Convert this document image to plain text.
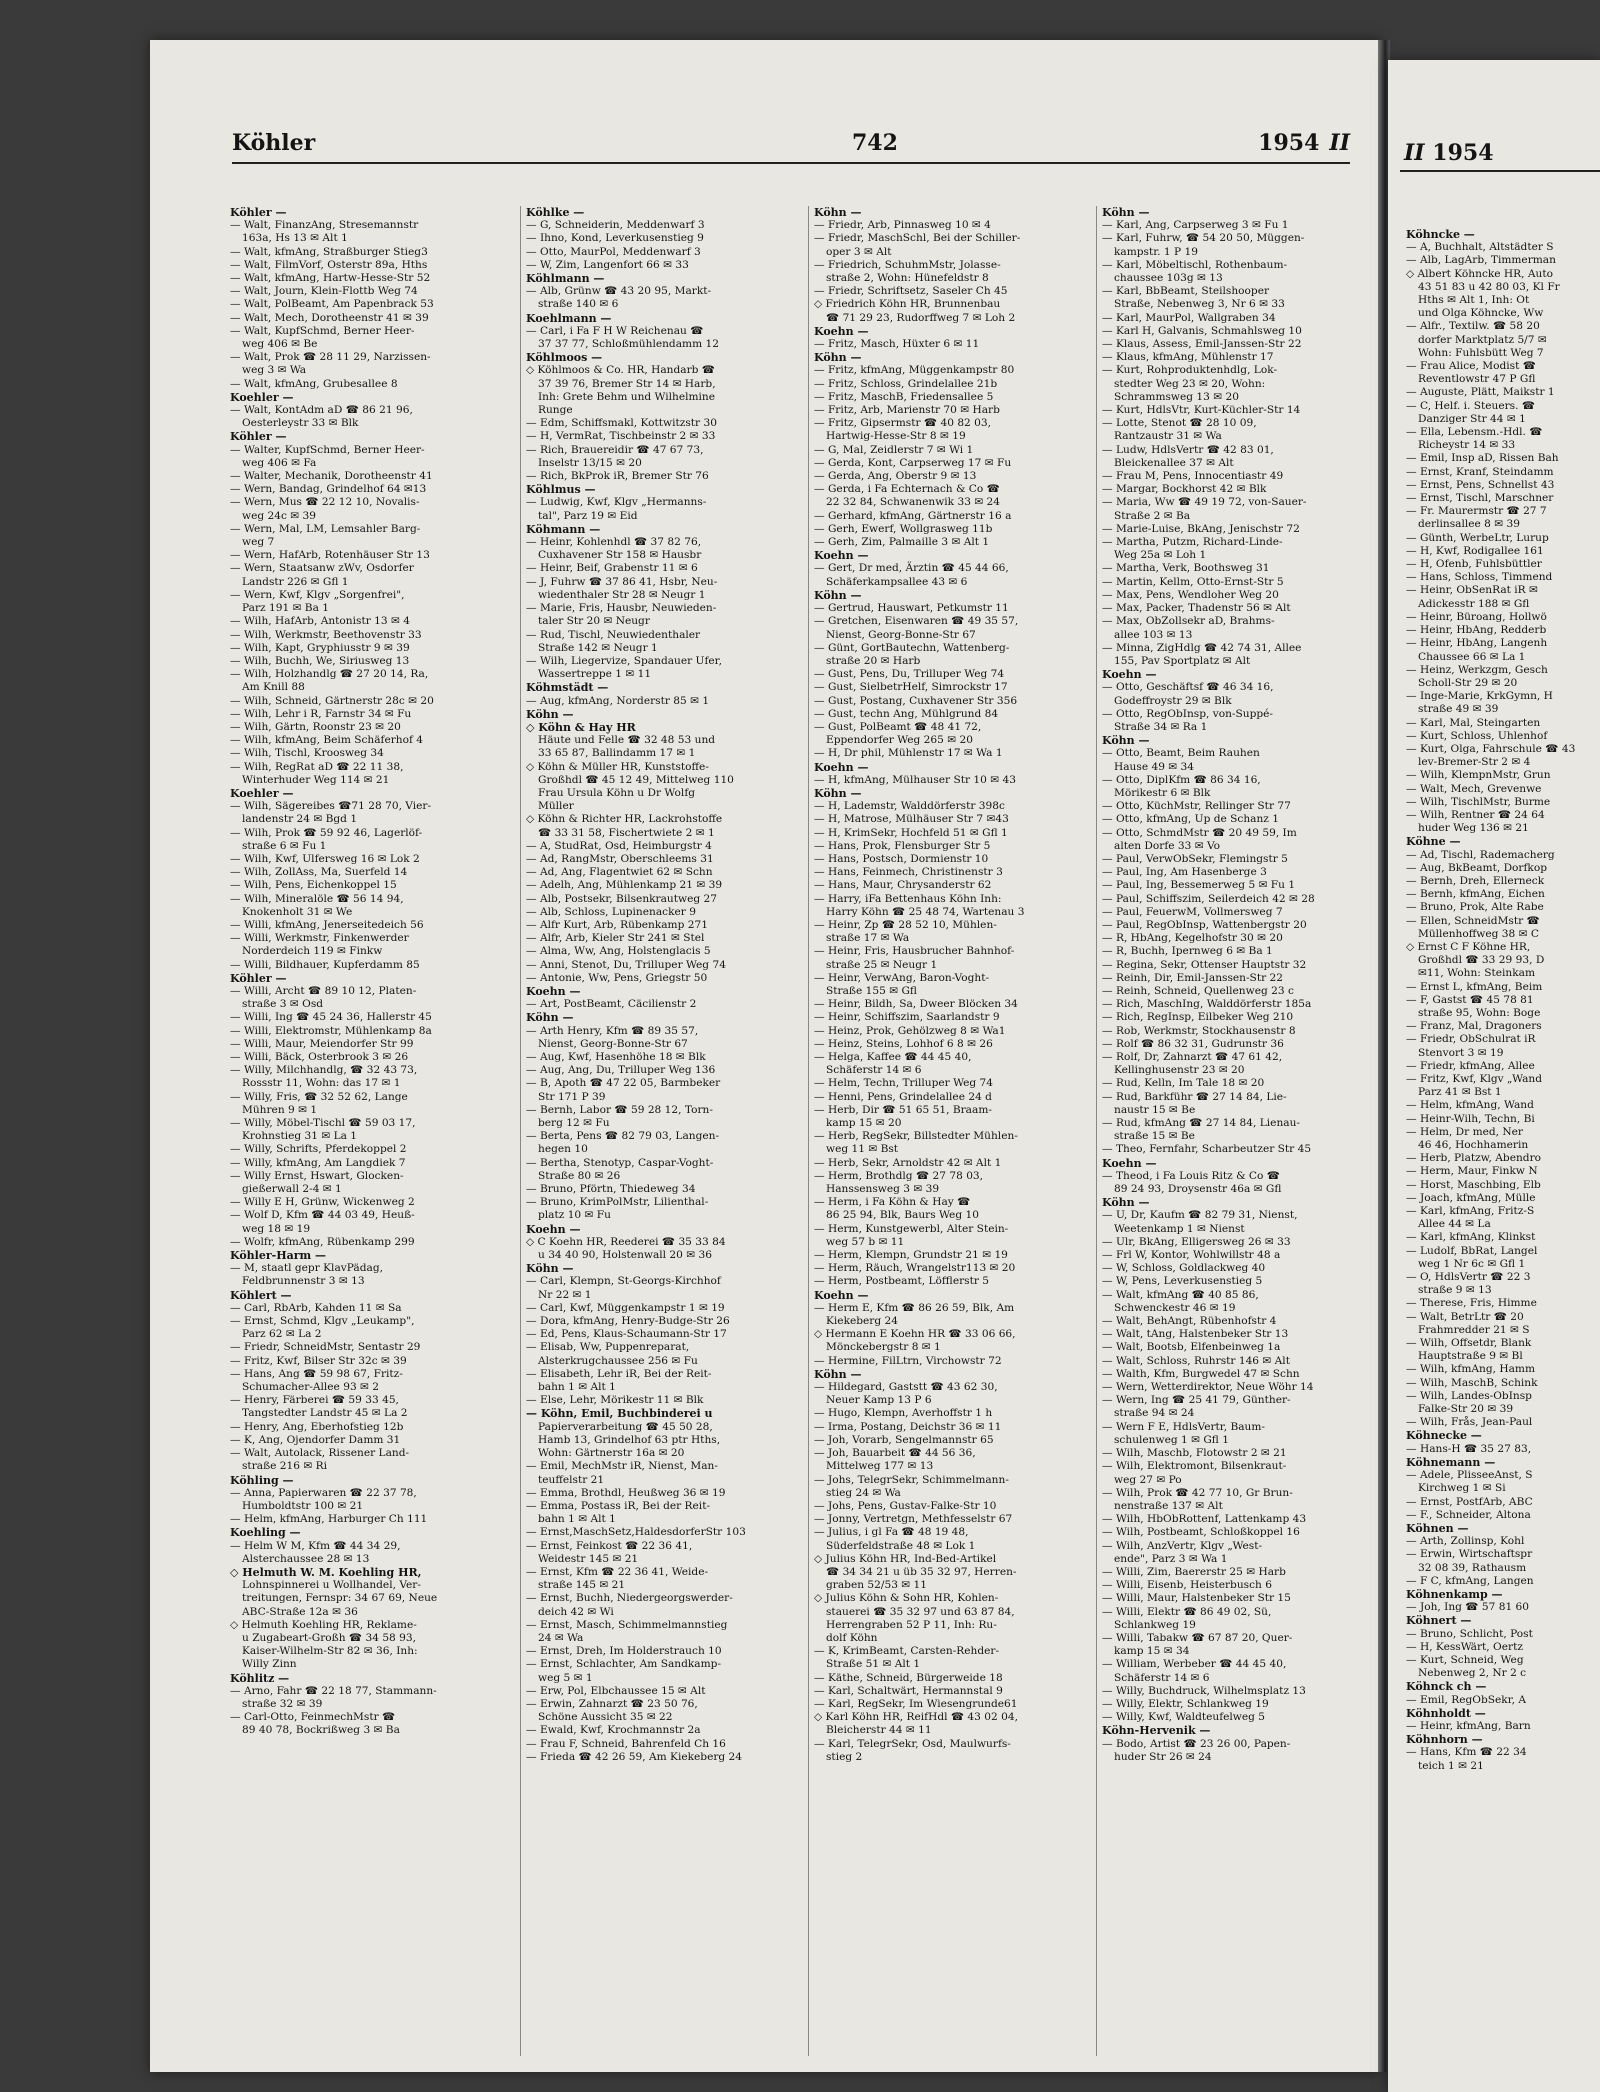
Köhler	742	1954 II
Köhler —
— Walt, FinanzAng, Stresemannstr
163a, Hs 13 ✉ Alt 1
— Walt, kfmAng, Straßburger Stieg3
— Walt, FilmVorf, Osterstr 89a, Hths
— Walt, kfmAng, Hartw-Hesse-Str 52
— Walt, Journ, Klein-Flottb Weg 74
— Walt, PolBeamt, Am Papenbrack 53
— Walt, Mech, Dorotheenstr 41 ✉ 39
— Walt, KupfSchmd, Berner Heer-
weg 406 ✉ Be
— Walt, Prok ☎ 28 11 29, Narzissen-
weg 3 ✉ Wa
— Walt, kfmAng, Grubesallee 8
Koehler —
— Walt, KontAdm aD ☎ 86 21 96,
Oesterleystr 33 ✉ Blk
Köhler —
— Walter, KupfSchmd, Berner Heer-
weg 406 ✉ Fa
— Walter, Mechanik, Dorotheenstr 41
— Wern, Bandag, Grindelhof 64 ✉13
— Wern, Mus ☎ 22 12 10, Novalis-
weg 24c ✉ 39
— Wern, Mal, LM, Lemsahler Barg-
weg 7
— Wern, HafArb, Rotenhäuser Str 13
— Wern, Staatsanw zWv, Osdorfer
Landstr 226 ✉ Gfl 1
— Wern, Kwf, Klgv „Sorgenfrei",
Parz 191 ✉ Ba 1
— Wilh, HafArb, Antonistr 13 ✉ 4
— Wilh, Werkmstr, Beethovenstr 33
— Wilh, Kapt, Gryphiusstr 9 ✉ 39
— Wilh, Buchh, We, Siriusweg 13
— Wilh, Holzhandlg ☎ 27 20 14, Ra,
Am Knill 88
— Wilh, Schneid, Gärtnerstr 28c ✉ 20
— Wilh, Lehr i R, Farnstr 34 ✉ Fu
— Wilh, Gärtn, Roonstr 23 ✉ 20
— Wilh, kfmAng, Beim Schäferhof 4
— Wilh, Tischl, Kroosweg 34
— Wilh, RegRat aD ☎ 22 11 38,
Winterhuder Weg 114 ✉ 21
Koehler —
— Wilh, Sägereibes ☎71 28 70, Vier-
landenstr 24 ✉ Bgd 1
— Wilh, Prok ☎ 59 92 46, Lagerlöf-
straße 6 ✉ Fu 1
— Wilh, Kwf, Ulfersweg 16 ✉ Lok 2
— Wilh, ZollAss, Ma, Suerfeld 14
— Wilh, Pens, Eichenkoppel 15
— Wilh, Mineralöle ☎ 56 14 94,
Knokenholt 31 ✉ We
— Willi, kfmAng, Jenerseitedeich 56
— Willi, Werkmstr, Finkenwerder
Norderdeich 119 ✉ Finkw
— Willi, Bildhauer, Kupferdamm 85
Köhler —
— Willi, Archt ☎ 89 10 12, Platen-
straße 3 ✉ Osd
— Willi, Ing ☎ 45 24 36, Hallerstr 45
— Willi, Elektromstr, Mühlenkamp 8a
— Willi, Maur, Meiendorfer Str 99
— Willi, Bäck, Osterbrook 3 ✉ 26
— Willy, Milchhandlg, ☎ 32 43 73,
Rossstr 11, Wohn: das 17 ✉ 1
— Willy, Fris, ☎ 32 52 62, Lange
Mühren 9 ✉ 1
— Willy, Möbel-Tischl ☎ 59 03 17,
Krohnstieg 31 ✉ La 1
— Willy, Schrifts, Pferdekoppel 2
— Willy, kfmAng, Am Langdiek 7
— Willy Ernst, Hswart, Glocken-
gießerwall 2-4 ✉ 1
— Willy E H, Grünw, Wickenweg 2
— Wolf D, Kfm ☎ 44 03 49, Heuß-
weg 18 ✉ 19
— Wolfr, kfmAng, Rübenkamp 299
Köhler-Harm —
— M, staatl gepr KlavPädag,
Feldbrunnenstr 3 ✉ 13
Köhlert —
— Carl, RbArb, Kahden 11 ✉ Sa
— Ernst, Schmd, Klgv „Leukamp",
Parz 62 ✉ La 2
— Friedr, SchneidMstr, Sentastr 29
— Fritz, Kwf, Bilser Str 32c ✉ 39
— Hans, Ang ☎ 59 98 67, Fritz-
Schumacher-Allee 93 ✉ 2
— Henry, Färberei ☎ 59 33 45,
Tangstedter Landstr 45 ✉ La 2
— Henry, Ang, Eberhofstieg 12b
— K, Ang, Ojendorfer Damm 31
— Walt, Autolack, Rissener Land-
straße 216 ✉ Ri
Köhling —
— Anna, Papierwaren ☎ 22 37 78,
Humboldtstr 100 ✉ 21
— Helm, kfmAng, Harburger Ch 111
Koehling —
— Helm W M, Kfm ☎ 44 34 29,
Alsterchaussee 28 ✉ 13
◇ Helmuth W. M. Koehling HR,
Lohnspinnerei u Wollhandel, Ver-
treitungen, Fernspr: 34 67 69, Neue
ABC-Straße 12a ✉ 36
◇ Helmuth Koehling HR, Reklame-
u Zugabeart-Großh ☎ 34 58 93,
Kaiser-Wilhelm-Str 82 ✉ 36, Inh:
Willy Zinn
Köhlitz —
— Arno, Fahr ☎ 22 18 77, Stammann-
straße 32 ✉ 39
— Carl-Otto, FeinmechMstr ☎
89 40 78, Bockrißweg 3 ✉ Ba
Köhlke —
— G, Schneiderin, Meddenwarf 3
— Ihno, Kond, Leverkusenstieg 9
— Otto, MaurPol, Meddenwarf 3
— W, Zim, Langenfort 66 ✉ 33
Köhlmann —
— Alb, Grünw ☎ 43 20 95, Markt-
straße 140 ✉ 6
Koehlmann —
— Carl, i Fa F H W Reichenau ☎
37 37 77, Schloßmühlendamm 12
Köhlmoos —
◇ Köhlmoos & Co. HR, Handarb ☎
37 39 76, Bremer Str 14 ✉ Harb,
Inh: Grete Behm und Wilhelmine
Runge
— Edm, Schiffsmakl, Kottwitzstr 30
— H, VermRat, Tischbeinstr 2 ✉ 33
— Rich, Brauereidir ☎ 47 67 73,
Inselstr 13/15 ✉ 20
— Rich, BkProk iR, Bremer Str 76
Köhlmus —
— Ludwig, Kwf, Klgv „Hermanns-
tal", Parz 19 ✉ Eid
Köhmann —
— Heinr, Kohlenhdl ☎ 37 82 76,
Cuxhavener Str 158 ✉ Hausbr
— Heinr, Beif, Grabenstr 11 ✉ 6
— J, Fuhrw ☎ 37 86 41, Hsbr, Neu-
wiedenthaler Str 28 ✉ Neugr 1
— Marie, Fris, Hausbr, Neuwieden-
taler Str 20 ✉ Neugr
— Rud, Tischl, Neuwiedenthaler
Straße 142 ✉ Neugr 1
— Wilh, Liegervize, Spandauer Ufer,
Wassertreppe 1 ✉ 11
Köhmstädt —
— Aug, kfmAng, Norderstr 85 ✉ 1
Köhn —
◇ Köhn & Hay HR
Häute und Felle ☎ 32 48 53 und
33 65 87, Ballindamm 17 ✉ 1
◇ Köhn & Müller HR, Kunststoffe-
Großhdl ☎ 45 12 49, Mittelweg 110
Frau Ursula Köhn u Dr Wolfg
Müller
◇ Köhn & Richter HR, Lackrohstoffe
☎ 33 31 58, Fischertwiete 2 ✉ 1
— A, StudRat, Osd, Heimburgstr 4
— Ad, RangMstr, Oberschleems 31
— Ad, Ang, Flagentwiet 62 ✉ Schn
— Adelh, Ang, Mühlenkamp 21 ✉ 39
— Alb, Postsekr, Bilsenkrautweg 27
— Alb, Schloss, Lupinenacker 9
— Alfr Kurt, Arb, Rübenkamp 271
— Alfr, Arb, Kieler Str 241 ✉ Stel
— Alma, Ww, Ang, Holstenglacis 5
— Anni, Stenot, Du, Trilluper Weg 74
— Antonie, Ww, Pens, Griegstr 50
Koehn —
— Art, PostBeamt, Cäcilienstr 2
Köhn —
— Arth Henry, Kfm ☎ 89 35 57,
Nienst, Georg-Bonne-Str 67
— Aug, Kwf, Hasenhöhe 18 ✉ Blk
— Aug, Ang, Du, Trilluper Weg 136
— B, Apoth ☎ 47 22 05, Barmbeker
Str 171 P 39
— Bernh, Labor ☎ 59 28 12, Torn-
berg 12 ✉ Fu
— Berta, Pens ☎ 82 79 03, Langen-
hegen 10
— Bertha, Stenotyp, Caspar-Voght-
Straße 80 ✉ 26
— Bruno, Pförtn, Thiedeweg 34
— Bruno, KrimPolMstr, Lilienthal-
platz 10 ✉ Fu
Koehn —
◇ C Koehn HR, Reederei ☎ 35 33 84
u 34 40 90, Holstenwall 20 ✉ 36
Köhn —
— Carl, Klempn, St-Georgs-Kirchhof
Nr 22 ✉ 1
— Carl, Kwf, Müggenkampstr 1 ✉ 19
— Dora, kfmAng, Henry-Budge-Str 26
— Ed, Pens, Klaus-Schaumann-Str 17
— Elisab, Ww, Puppenreparat,
Alsterkrugchaussee 256 ✉ Fu
— Elisabeth, Lehr iR, Bei der Reit-
bahn 1 ✉ Alt 1
— Else, Lehr, Mörikestr 11 ✉ Blk
— Köhn, Emil, Buchbinderei u
Papierverarbeitung ☎ 45 50 28,
Hamb 13, Grindelhof 63 ptr Hths,
Wohn: Gärtnerstr 16a ✉ 20
— Emil, MechMstr iR, Nienst, Man-
teuffelstr 21
— Emma, Brothdl, Heußweg 36 ✉ 19
— Emma, Postass iR, Bei der Reit-
bahn 1 ✉ Alt 1
— Ernst,MaschSetz,HaldesdorferStr 103
— Ernst, Feinkost ☎ 22 36 41,
Weidestr 145 ✉ 21
— Ernst, Kfm ☎ 22 36 41, Weide-
straße 145 ✉ 21
— Ernst, Buchh, Niedergeorgswerder-
deich 42 ✉ Wi
— Ernst, Masch, Schimmelmannstieg
24 ✉ Wa
— Ernst, Dreh, Im Holderstrauch 10
— Ernst, Schlachter, Am Sandkamp-
weg 5 ✉ 1
— Erw, Pol, Elbchaussee 15 ✉ Alt
— Erwin, Zahnarzt ☎ 23 50 76,
Schöne Aussicht 35 ✉ 22
— Ewald, Kwf, Krochmannstr 2a
— Frau F, Schneid, Bahrenfeld Ch 16
— Frieda ☎ 42 26 59, Am Kiekeberg 24
Köhn —
— Friedr, Arb, Pinnasweg 10 ✉ 4
— Friedr, MaschSchl, Bei der Schiller-
oper 3 ✉ Alt
— Friedrich, SchuhmMstr, Jolasse-
straße 2, Wohn: Hünefeldstr 8
— Friedr, Schriftsetz, Saseler Ch 45
◇ Friedrich Köhn HR, Brunnenbau
☎ 71 29 23, Rudorffweg 7 ✉ Loh 2
Koehn —
— Fritz, Masch, Hüxter 6 ✉ 11
Köhn —
— Fritz, kfmAng, Müggenkampstr 80
— Fritz, Schloss, Grindelallee 21b
— Fritz, MaschB, Friedensallee 5
— Fritz, Arb, Marienstr 70 ✉ Harb
— Fritz, Gipsermstr ☎ 40 82 03,
Hartwig-Hesse-Str 8 ✉ 19
— G, Mal, Zeidlerstr 7 ✉ Wi 1
— Gerda, Kont, Carpserweg 17 ✉ Fu
— Gerda, Ang, Oberstr 9 ✉ 13
— Gerda, i Fa Echternach & Co ☎
22 32 84, Schwanenwik 33 ✉ 24
— Gerhard, kfmAng, Gärtnerstr 16 a
— Gerh, Ewerf, Wollgrasweg 11b
— Gerh, Zim, Palmaille 3 ✉ Alt 1
Koehn —
— Gert, Dr med, Ärztin ☎ 45 44 66,
Schäferkampsallee 43 ✉ 6
Köhn —
— Gertrud, Hauswart, Petkumstr 11
— Gretchen, Eisenwaren ☎ 49 35 57,
Nienst, Georg-Bonne-Str 67
— Günt, GortBautechn, Wattenberg-
straße 20 ✉ Harb
— Gust, Pens, Du, Trilluper Weg 74
— Gust, SielbetrHelf, Simrockstr 17
— Gust, Postang, Cuxhavener Str 356
— Gust, techn Ang, Mühlgrund 84
— Gust, PolBeamt ☎ 48 41 72,
Eppendorfer Weg 265 ✉ 20
— H, Dr phil, Mühlenstr 17 ✉ Wa 1
Koehn —
— H, kfmAng, Mülhauser Str 10 ✉ 43
Köhn —
— H, Lademstr, Walddörferstr 398c
— H, Matrose, Mülhäuser Str 7 ✉43
— H, KrimSekr, Hochfeld 51 ✉ Gfl 1
— Hans, Prok, Flensburger Str 5
— Hans, Postsch, Dormienstr 10
— Hans, Feinmech, Christinenstr 3
— Hans, Maur, Chrysanderstr 62
— Harry, iFa Bettenhaus Köhn Inh:
Harry Köhn ☎ 25 48 74, Wartenau 3
— Heinr, Zp ☎ 28 52 10, Mühlen-
straße 17 ✉ Wa
— Heinr, Fris, Hausbrucher Bahnhof-
straße 25 ✉ Neugr 1
— Heinr, VerwAng, Baron-Voght-
Straße 155 ✉ Gfl
— Heinr, Bildh, Sa, Dweer Blöcken 34
— Heinr, Schiffszim, Saarlandstr 9
— Heinz, Prok, Gehölzweg 8 ✉ Wa1
— Heinz, Steins, Lohhof 6 8 ✉ 26
— Helga, Kaffee ☎ 44 45 40,
Schäferstr 14 ✉ 6
— Helm, Techn, Trilluper Weg 74
— Henni, Pens, Grindelallee 24 d
— Herb, Dir ☎ 51 65 51, Braam-
kamp 15 ✉ 20
— Herb, RegSekr, Billstedter Mühlen-
weg 11 ✉ Bst
— Herb, Sekr, Arnoldstr 42 ✉ Alt 1
— Herm, Brothdlg ☎ 27 78 03,
Hanssensweg 3 ✉ 39
— Herm, i Fa Köhn & Hay ☎
86 25 94, Blk, Baurs Weg 10
— Herm, Kunstgewerbl, Alter Stein-
weg 57 b ✉ 11
— Herm, Klempn, Grundstr 21 ✉ 19
— Herm, Räuch, Wrangelstr113 ✉ 20
— Herm, Postbeamt, Löfflerstr 5
Koehn —
— Herm E, Kfm ☎ 86 26 59, Blk, Am
Kiekeberg 24
◇ Hermann E Koehn HR ☎ 33 06 66,
Mönckebergstr 8 ✉ 1
— Hermine, FilLtrn, Virchowstr 72
Köhn —
— Hildegard, Gaststt ☎ 43 62 30,
Neuer Kamp 13 P 6
— Hugo, Klempn, Averhoffstr 1 h
— Irma, Postang, Deichstr 36 ✉ 11
— Joh, Vorarb, Sengelmannstr 65
— Joh, Bauarbeit ☎ 44 56 36,
Mittelweg 177 ✉ 13
— Johs, TelegrSekr, Schimmelmann-
stieg 24 ✉ Wa
— Johs, Pens, Gustav-Falke-Str 10
— Jonny, Vertretgn, Methfesselstr 67
— Julius, i gl Fa ☎ 48 19 48,
Süderfeldstraße 48 ✉ Lok 1
◇ Julius Köhn HR, Ind-Bed-Artikel
☎ 34 34 21 u üb 35 32 97, Herren-
graben 52/53 ✉ 11
◇ Julius Köhn & Sohn HR, Kohlen-
stauerei ☎ 35 32 97 und 63 87 84,
Herrengraben 52 P 11, Inh: Ru-
dolf Köhn
— K, KrimBeamt, Carsten-Rehder-
Straße 51 ✉ Alt 1
— Käthe, Schneid, Bürgerweide 18
— Karl, Schaltwärt, Hermannstal 9
— Karl, RegSekr, Im Wiesengrunde61
◇ Karl Köhn HR, ReifHdl ☎ 43 02 04,
Bleicherstr 44 ✉ 11
— Karl, TelegrSekr, Osd, Maulwurfs-
stieg 2
Köhn —
— Karl, Ang, Carpserweg 3 ✉ Fu 1
— Karl, Fuhrw, ☎ 54 20 50, Müggen-
kampstr. 1 P 19
— Karl, Möbeltischl, Rothenbaum-
chaussee 103g ✉ 13
— Karl, BbBeamt, Steilshooper
Straße, Nebenweg 3, Nr 6 ✉ 33
— Karl, MaurPol, Wallgraben 34
— Karl H, Galvanis, Schmahlsweg 10
— Klaus, Assess, Emil-Janssen-Str 22
— Klaus, kfmAng, Mühlenstr 17
— Kurt, Rohproduktenhdlg, Lok-
stedter Weg 23 ✉ 20, Wohn:
Schrammsweg 13 ✉ 20
— Kurt, HdlsVtr, Kurt-Küchler-Str 14
— Lotte, Stenot ☎ 28 10 09,
Rantzaustr 31 ✉ Wa
— Ludw, HdlsVertr ☎ 42 83 01,
Bleickenallee 37 ✉ Alt
— Frau M, Pens, Innocentiastr 49
— Margar, Bockhorst 42 ✉ Blk
— Maria, Ww ☎ 49 19 72, von-Sauer-
Straße 2 ✉ Ba
— Marie-Luise, BkAng, Jenischstr 72
— Martha, Putzm, Richard-Linde-
Weg 25a ✉ Loh 1
— Martha, Verk, Boothsweg 31
— Martin, Kellm, Otto-Ernst-Str 5
— Max, Pens, Wendloher Weg 20
— Max, Packer, Thadenstr 56 ✉ Alt
— Max, ObZollsekr aD, Brahms-
allee 103 ✉ 13
— Minna, ZigHdlg ☎ 42 74 31, Allee
155, Pav Sportplatz ✉ Alt
Koehn —
— Otto, Geschäftsf ☎ 46 34 16,
Godeffroystr 29 ✉ Blk
— Otto, RegObInsp, von-Suppé-
Straße 34 ✉ Ra 1
Köhn —
— Otto, Beamt, Beim Rauhen
Hause 49 ✉ 34
— Otto, DiplKfm ☎ 86 34 16,
Mörikestr 6 ✉ Blk
— Otto, KüchMstr, Rellinger Str 77
— Otto, kfmAng, Up de Schanz 1
— Otto, SchmdMstr ☎ 20 49 59, Im
alten Dorfe 33 ✉ Vo
— Paul, VerwObSekr, Flemingstr 5
— Paul, Ing, Am Hasenberge 3
— Paul, Ing, Bessemerweg 5 ✉ Fu 1
— Paul, Schiffszim, Seilerdeich 42 ✉ 28
— Paul, FeuerwM, Vollmersweg 7
— Paul, RegObInsp, Wattenbergstr 20
— R, HbAng, Kegelhofstr 30 ✉ 20
— R, Buchh, Ipernweg 6 ✉ Ba 1
— Regina, Sekr, Ottenser Hauptstr 32
— Reinh, Dir, Emil-Janssen-Str 22
— Reinh, Schneid, Quellenweg 23 c
— Rich, MaschIng, Walddörferstr 185a
— Rich, RegInsp, Eilbeker Weg 210
— Rob, Werkmstr, Stockhausenstr 8
— Rolf ☎ 86 32 31, Gudrunstr 36
— Rolf, Dr, Zahnarzt ☎ 47 61 42,
Kellinghusenstr 23 ✉ 20
— Rud, Kelln, Im Tale 18 ✉ 20
— Rud, Barkführ ☎ 27 14 84, Lie-
naustr 15 ✉ Be
— Rud, kfmAng ☎ 27 14 84, Lienau-
straße 15 ✉ Be
— Theo, Fernfahr, Scharbeutzer Str 45
Koehn —
— Theod, i Fa Louis Ritz & Co ☎
89 24 93, Droysenstr 46a ✉ Gfl
Köhn —
— U, Dr, Kaufm ☎ 82 79 31, Nienst,
Weetenkamp 1 ✉ Nienst
— Ulr, BkAng, Elligersweg 26 ✉ 33
— Frl W, Kontor, Wohlwillstr 48 a
— W, Schloss, Goldlackweg 40
— W, Pens, Leverkusenstieg 5
— Walt, kfmAng ☎ 40 85 86,
Schwenckestr 46 ✉ 19
— Walt, BehAngt, Rübenhofstr 4
— Walt, tAng, Halstenbeker Str 13
— Walt, Bootsb, Elfenbeinweg 1a
— Walt, Schloss, Ruhrstr 146 ✉ Alt
— Walth, Kfm, Burgwedel 47 ✉ Schn
— Wern, Wetterdirektor, Neue Wöhr 14
— Wern, Ing ☎ 25 41 79, Günther-
straße 94 ✉ 24
— Wern F E, HdlsVertr, Baum-
schulenweg 1 ✉ Gfl 1
— Wilh, Maschb, Flotowstr 2 ✉ 21
— Wilh, Elektromont, Bilsenkraut-
weg 27 ✉ Po
— Wilh, Prok ☎ 42 77 10, Gr Brun-
nenstraße 137 ✉ Alt
— Wilh, HbObRottenf, Lattenkamp 43
— Wilh, Postbeamt, Schloßkoppel 16
— Wilh, AnzVertr, Klgv „West-
ende", Parz 3 ✉ Wa 1
— Willi, Zim, Baererstr 25 ✉ Harb
— Willi, Eisenb, Heisterbusch 6
— Willi, Maur, Halstenbeker Str 15
— Willi, Elektr ☎ 86 49 02, Sü,
Schlankweg 19
— Willi, Tabakw ☎ 67 87 20, Quer-
kamp 15 ✉ 34
— William, Werbeber ☎ 44 45 40,
Schäferstr 14 ✉ 6
— Willy, Buchdruck, Wilhelmsplatz 13
— Willy, Elektr, Schlankweg 19
— Willy, Kwf, Waldteufelweg 5
Köhn-Hervenik —
— Bodo, Artist ☎ 23 26 00, Papen-
huder Str 26 ✉ 24
II 1954
Köhncke —
— A, Buchhalt, Altstädter S
— Alb, LagArb, Timmerman
◇ Albert Köhncke HR, Auto
43 51 83 u 42 80 03, Kl Fr
Hths ✉ Alt 1, Inh: Ot
und Olga Köhncke, Ww
— Alfr., Textilw. ☎ 58 20
dorfer Marktplatz 5/7 ✉
Wohn: Fuhlsbütt Weg 7
— Frau Alice, Modist ☎
Reventlowstr 47 P Gfl
— Auguste, Plätt, Maikstr 1
— C, Helf. i. Steuers. ☎
Danziger Str 44 ✉ 1
— Ella, Lebensm.-Hdl. ☎
Richeystr 14 ✉ 33
— Emil, Insp aD, Rissen Bah
— Ernst, Kranf, Steindamm
— Ernst, Pens, Schnellst 43
— Ernst, Tischl, Marschner
— Fr. Maurermstr ☎ 27 7
derlinsallee 8 ✉ 39
— Günth, WerbeLtr, Lurup
— H, Kwf, Rodigallee 161
— H, Ofenb, Fuhlsbüttler
— Hans, Schloss, Timmend
— Heinr, ObSenRat iR ✉
Adickesstr 188 ✉ Gfl
— Heinr, Büroang, Hollwö
— Heinr, HbAng, Redderb
— Heinr, HbAng, Langenh
Chaussee 66 ✉ La 1
— Heinz, Werkzgm, Gesch
Scholl-Str 29 ✉ 20
— Inge-Marie, KrkGymn, H
straße 49 ✉ 39
— Karl, Mal, Steingarten
— Kurt, Schloss, Uhlenhof
— Kurt, Olga, Fahrschule ☎ 43
lev-Bremer-Str 2 ✉ 4
— Wilh, KlempnMstr, Grun
— Walt, Mech, Grevenwe
— Wilh, TischlMstr, Burme
— Wilh, Rentner ☎ 24 64
huder Weg 136 ✉ 21
Köhne —
— Ad, Tischl, Rademacherg
— Aug, BkBeamt, Dorfkop
— Bernh, Dreh, Ellerneck
— Bernh, kfmAng, Eichen
— Bruno, Prok, Alte Rabe
— Ellen, SchneidMstr ☎
Müllenhoffweg 38 ✉ C
◇ Ernst C F Köhne HR,
Großhdl ☎ 33 29 93, D
✉11, Wohn: Steinkam
— Ernst L, kfmAng, Beim
— F, Gastst ☎ 45 78 81
straße 95, Wohn: Boge
— Franz, Mal, Dragoners
— Friedr, ObSchulrat iR
Stenvort 3 ✉ 19
— Friedr, kfmAng, Allee
— Fritz, Kwf, Klgv „Wand
Parz 41 ✉ Bst 1
— Helm, kfmAng, Wand
— Heinr-Wilh, Techn, Bi
— Helm, Dr med, Ner
46 46, Hochhamerin
— Herb, Platzw, Abendro
— Herm, Maur, Finkw N
— Horst, Maschbing, Elb
— Joach, kfmAng, Mülle
— Karl, kfmAng, Fritz-S
Allee 44 ✉ La
— Karl, kfmAng, Klinkst
— Ludolf, BbRat, Langel
weg 1 Nr 6c ✉ Gfl 1
— O, HdlsVertr ☎ 22 3
straße 9 ✉ 13
— Therese, Fris, Himme
— Walt, BetrLtr ☎ 20
Frahmredder 21 ✉ S
— Wilh, Offsetdr, Blank
Hauptstraße 9 ✉ Bl
— Wilh, kfmAng, Hamm
— Wilh, MaschB, Schink
— Wilh, Landes-ObInsp
Falke-Str 20 ✉ 39
— Wilh, Frås, Jean-Paul
Köhnecke —
— Hans-H ☎ 35 27 83,
Köhnemann —
— Adele, PlisseeAnst, S
Kirchweg 1 ✉ Si
— Ernst, PostfArb, ABC
— F., Schneider, Altona
Köhnen —
— Arth, Zollinsp, Kohl
— Erwin, Wirtschaftspr
32 08 39, Rathausm
— F C, kfmAng, Langen
Köhnenkamp —
— Joh, Ing ☎ 57 81 60
Köhnert —
— Bruno, Schlicht, Post
— H, KessWärt, Oertz
— Kurt, Schneid, Weg
Nebenweg 2, Nr 2 c
Köhnck ch —
— Emil, RegObSekr, A
Köhnholdt —
— Heinr, kfmAng, Barn
Köhnhorn —
— Hans, Kfm ☎ 22 34
teich 1 ✉ 21
